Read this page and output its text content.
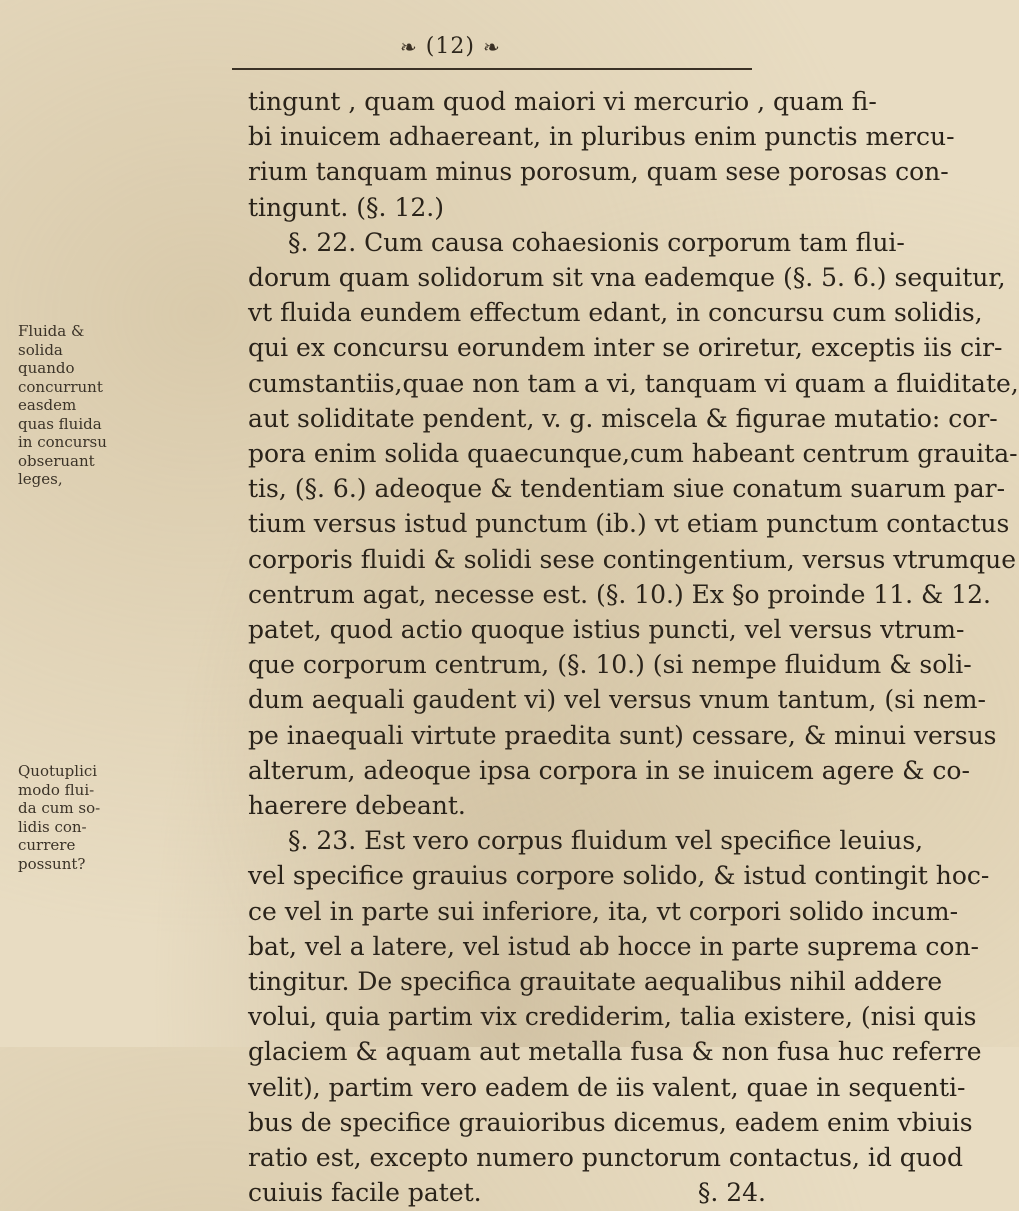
❧ (12) ❧
tingunt , quam quod maiori vi mercurio , quam fi-
bi inuicem adhaereant, in pluribus enim punctis mercu-
rium tanquam minus porosum, quam sese porosas con-
tingunt. (§. 12.)
§. 22. Cum causa cohaesionis corporum tam flui-
dorum quam solidorum sit vna eademque (§. 5. 6.) sequitur,
vt fluida eundem effectum edant, in concursu cum solidis,
qui ex concursu eorundem inter se oriretur, exceptis iis cir-
cumstantiis,quae non tam a vi, tanquam vi quam a fluiditate,
aut soliditate pendent, v. g. miscela & figurae mutatio: cor-
pora enim solida quaecunque,cum habeant centrum grauita-
tis, (§. 6.) adeoque & tendentiam siue conatum suarum par-
tium versus istud punctum (ib.) vt etiam punctum contactus
corporis fluidi & solidi sese contingentium, versus vtrumque
centrum agat, necesse est. (§. 10.) Ex §o proinde 11. & 12.
patet, quod actio quoque istius puncti, vel versus vtrum-
que corporum centrum, (§. 10.) (si nempe fluidum & soli-
dum aequali gaudent vi) vel versus vnum tantum, (si nem-
pe inaequali virtute praedita sunt) cessare, & minui versus
alterum, adeoque ipsa corpora in se inuicem agere & co-
haerere debeant.
§. 23. Est vero corpus fluidum vel specifice leuius,
vel specifice grauius corpore solido, & istud contingit hoc-
ce vel in parte sui inferiore, ita, vt corpori solido incum-
bat, vel a latere, vel istud ab hocce in parte suprema con-
tingitur. De specifica grauitate aequalibus nihil addere
volui, quia partim vix crediderim, talia existere, (nisi quis
glaciem & aquam aut metalla fusa & non fusa huc referre
velit), partim vero eadem de iis valent, quae in sequenti-
bus de specifice grauioribus dicemus, eadem enim vbiuis
ratio est, excepto numero punctorum contactus, id quod
cuiuis facile patet.	§. 24.
Fluida &
solida
quando
concurrunt
easdem
quas fluida
in concursu
obseruant
leges,
Quotuplici
modo flui-
da cum so-
lidis con-
currere
possunt?
